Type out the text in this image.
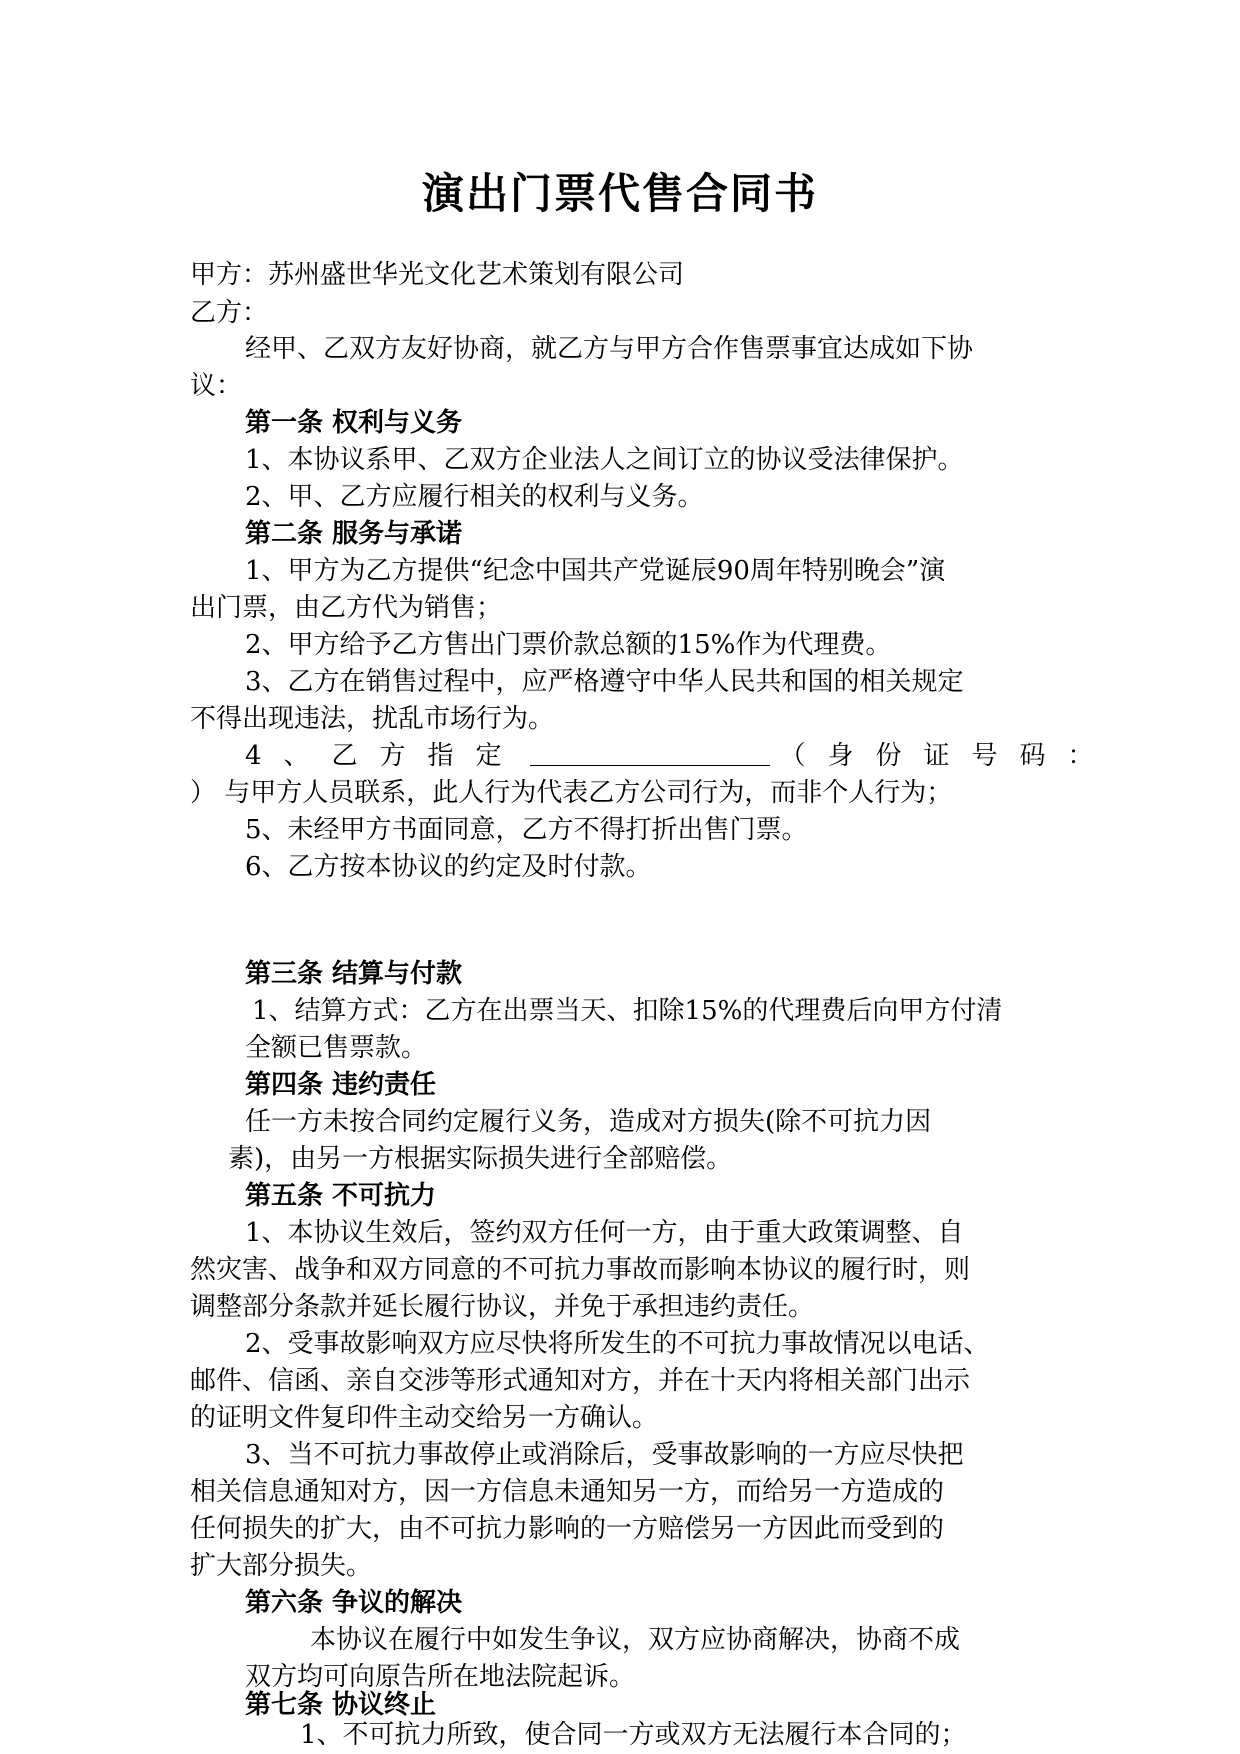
演出门票代售合同书
甲方：苏州盛世华光文化艺术策划有限公司
乙方：
经甲、乙双方友好协商，就乙方与甲方合作售票事宜达成如下协
议：
第一条 权利与义务
1、本协议系甲、乙双方企业法人之间订立的协议受法律保护。
2、甲、乙方应履行相关的权利与义务。
第二条 服务与承诺
1、甲方为乙方提供“纪念中国共产党诞辰90周年特别晚会”演
出门票，由乙方代为销售；
2、甲方给予乙方售出门票价款总额的15%作为代理费。
3、乙方在销售过程中，应严格遵守中华人民共和国的相关规定
不得出现违法，扰乱市场行为。
4、乙方指定	（身份证号码：
） 与甲方人员联系，此人行为代表乙方公司行为，而非个人行为；
5、未经甲方书面同意，乙方不得打折出售门票。
6、乙方按本协议的约定及时付款。
第三条 结算与付款
1、结算方式：乙方在出票当天、扣除15%的代理费后向甲方付清
全额已售票款。
第四条 违约责任
任一方未按合同约定履行义务，造成对方损失(除不可抗力因
素)，由另一方根据实际损失进行全部赔偿。
第五条 不可抗力
1、本协议生效后，签约双方任何一方，由于重大政策调整、自
然灾害、战争和双方同意的不可抗力事故而影响本协议的履行时，则
调整部分条款并延长履行协议，并免于承担违约责任。
2、受事故影响双方应尽快将所发生的不可抗力事故情况以电话、
邮件、信函、亲自交涉等形式通知对方，并在十天内将相关部门出示
的证明文件复印件主动交给另一方确认。
3、当不可抗力事故停止或消除后，受事故影响的一方应尽快把
相关信息通知对方，因一方信息未通知另一方，而给另一方造成的
任何损失的扩大，由不可抗力影响的一方赔偿另一方因此而受到的
扩大部分损失。
第六条 争议的解决
本协议在履行中如发生争议，双方应协商解决，协商不成
双方均可向原告所在地法院起诉。
第七条 协议终止
1、不可抗力所致，使合同一方或双方无法履行本合同的；
